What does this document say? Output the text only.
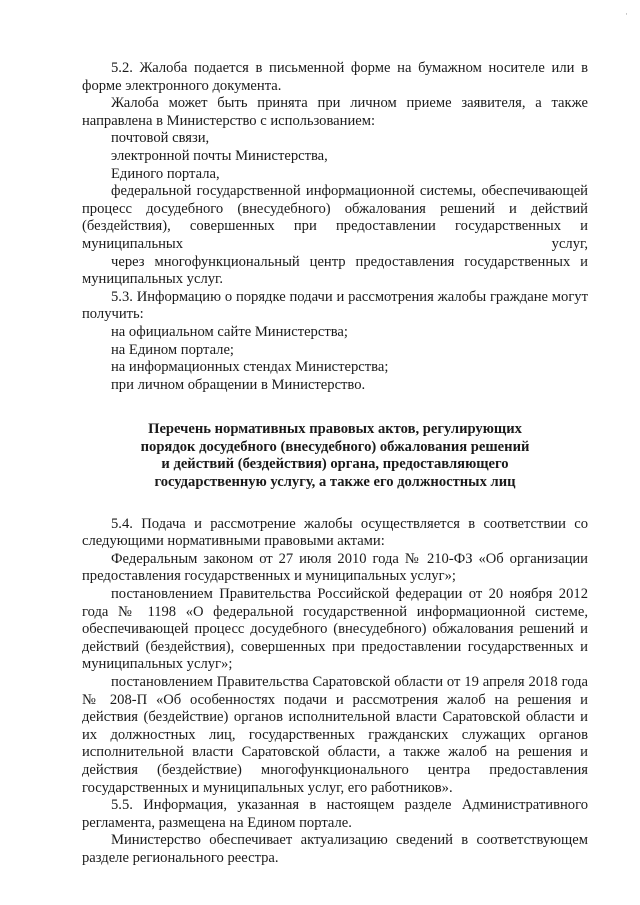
·

5.2. Жалоба подается в письменной форме на бумажном носителе или в форме электронного документа.

Жалоба может быть принята при личном приеме заявителя, а также направлена в Министерство с использованием:

почтовой связи,

электронной почты Министерства,

Единого портала,

федеральной государственной информационной системы, обеспечивающей процесс досудебного (внесудебного) обжалования решений и действий (бездействия), совершенных при предоставлении государственных и муниципальных услуг,

через многофункциональный центр предоставления государственных и муниципальных услуг.

5.3. Информацию о порядке подачи и рассмотрения жалобы граждане могут получить:

на официальном сайте Министерства;

на Едином портале;

на информационных стендах Министерства;

при личном обращении в Министерство.

Перечень нормативных правовых актов, регулирующих

порядок досудебного (внесудебного) обжалования решений

и действий (бездействия) органа, предоставляющего

государственную услугу, а также его должностных лиц

5.4. Подача и рассмотрение жалобы осуществляется в соответствии со следующими нормативными правовыми актами:

Федеральным законом от 27 июля 2010 года № 210-ФЗ «Об организации предоставления государственных и муниципальных услуг»;

постановлением Правительства Российской федерации от 20 ноября 2012 года № 1198 «О федеральной государственной информационной системе, обеспечивающей процесс досудебного (внесудебного) обжалования решений и действий (бездействия), совершенных при предоставлении государственных и муниципальных услуг»;

постановлением Правительства Саратовской области от 19 апреля 2018 года № 208-П «Об особенностях подачи и рассмотрения жалоб на решения и действия (бездействие) органов исполнительной власти Саратовской области и их должностных лиц, государственных гражданских служащих органов исполнительной власти Саратовской области, а также жалоб на решения и действия (бездействие) многофункционального центра предоставления государственных и муниципальных услуг, его работников».

5.5. Информация, указанная в настоящем разделе Административного регламента, размещена на Едином портале.

Министерство обеспечивает актуализацию сведений в соответствующем разделе регионального реестра.
